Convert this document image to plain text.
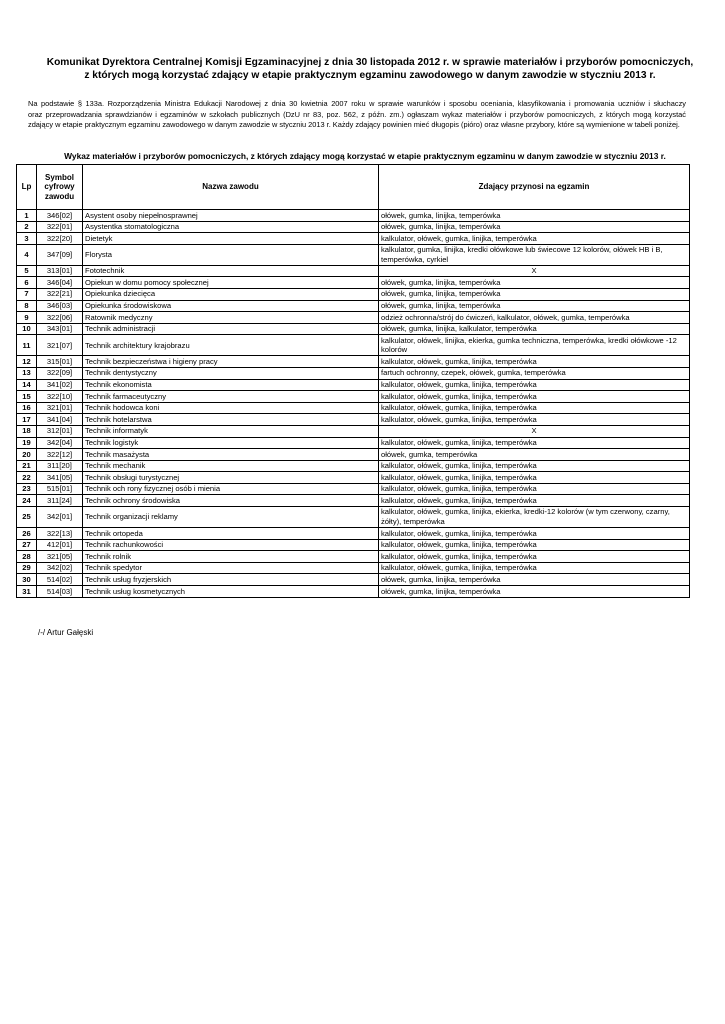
Komunikat Dyrektora Centralnej Komisji Egzaminacyjnej z dnia 30 listopada 2012 r. w sprawie materiałów i przyborów pomocniczych,
z których mogą korzystać zdający w etapie praktycznym egzaminu zawodowego w danym zawodzie w styczniu 2013 r.
Na podstawie § 133a. Rozporządzenia Ministra Edukacji Narodowej z dnia 30 kwietnia 2007 roku w sprawie warunków i sposobu oceniania, klasyfikowania i promowania uczniów i słuchaczy
oraz przeprowadzania sprawdzianów i egzaminów w szkołach publicznych (DzU nr 83, poz. 562, z późn. zm.) ogłaszam wykaz materiałów i przyborów pomocniczych, z których mogą korzystać
zdający w etapie praktycznym egzaminu zawodowego w danym zawodzie w styczniu 2013 r. Każdy zdający powinien mieć długopis (pióro) oraz własne przybory, które są wymienione w tabeli poniżej.
Wykaz materiałów i przyborów pomocniczych, z których zdający mogą korzystać w etapie praktycznym egzaminu w danym zawodzie w styczniu 2013 r.
Lp	Symbol
cyfrowy
zawodu	Nazwa zawodu	Zdający przynosi na egzamin
1	346[02]	Asystent osoby niepełnosprawnej	ołówek, gumka, linijka, temperówka
2	322[01]	Asystentka stomatologiczna	ołówek, gumka, linijka, temperówka
3	322[20]	Dietetyk	kalkulator, ołówek, gumka, linijka, temperówka
4	347[09]	Florysta	kalkulator, gumka, linijka, kredki ołówkowe lub świecowe 12 kolorów, ołówek HB i B, temperówka, cyrkiel
5	313[01]	Fototechnik	X
6	346[04]	Opiekun w domu pomocy społecznej	ołówek, gumka, linijka, temperówka
7	322[21]	Opiekunka dziecięca	ołówek, gumka, linijka, temperówka
8	346[03]	Opiekunka środowiskowa	ołówek, gumka, linijka, temperówka
9	322[06]	Ratownik medyczny	odzież ochronna/strój do ćwiczeń, kalkulator, ołówek, gumka, temperówka
10	343[01]	Technik administracji	ołówek, gumka, linijka, kalkulator, temperówka
11	321[07]	Technik architektury krajobrazu	kalkulator, ołówek, linijka, ekierka, gumka techniczna, temperówka, kredki ołówkowe -12 kolorów
12	315[01]	Technik bezpieczeństwa i higieny pracy	kalkulator, ołówek, gumka, linijka, temperówka
13	322[09]	Technik dentystyczny	fartuch ochronny, czepek, ołówek, gumka, temperówka
14	341[02]	Technik ekonomista	kalkulator, ołówek, gumka, linijka, temperówka
15	322[10]	Technik farmaceutyczny	kalkulator, ołówek, gumka, linijka, temperówka
16	321[01]	Technik hodowca koni	kalkulator, ołówek, gumka, linijka, temperówka
17	341[04]	Technik hotelarstwa	kalkulator, ołówek, gumka, linijka, temperówka
18	312[01]	Technik informatyk	X
19	342[04]	Technik logistyk	kalkulator, ołówek, gumka, linijka, temperówka
20	322[12]	Technik masażysta	ołówek, gumka, temperówka
21	311[20]	Technik mechanik	kalkulator, ołówek, gumka, linijka, temperówka
22	341[05]	Technik obsługi turystycznej	kalkulator, ołówek, gumka, linijka, temperówka
23	515[01]	Technik och rony fizycznej osób i mienia	kalkulator, ołówek, gumka, linijka, temperówka
24	311[24]	Technik ochrony środowiska	kalkulator, ołówek, gumka, linijka, temperówka
25	342[01]	Technik organizacji reklamy	kalkulator, ołówek, gumka, linijka, ekierka, kredki-12 kolorów (w tym czerwony, czarny, żółty), temperówka
26	322[13]	Technik ortopeda	kalkulator, ołówek, gumka, linijka, temperówka
27	412[01]	Technik rachunkowości	kalkulator, ołówek, gumka, linijka, temperówka
28	321[05]	Technik rolnik	kalkulator, ołówek, gumka, linijka, temperówka
29	342[02]	Technik spedytor	kalkulator, ołówek, gumka, linijka, temperówka
30	514[02]	Technik usług fryzjerskich	ołówek, gumka, linijka, temperówka
31	514[03]	Technik usług kosmetycznych	ołówek, gumka, linijka, temperówka
/-/ Artur Gałęski
